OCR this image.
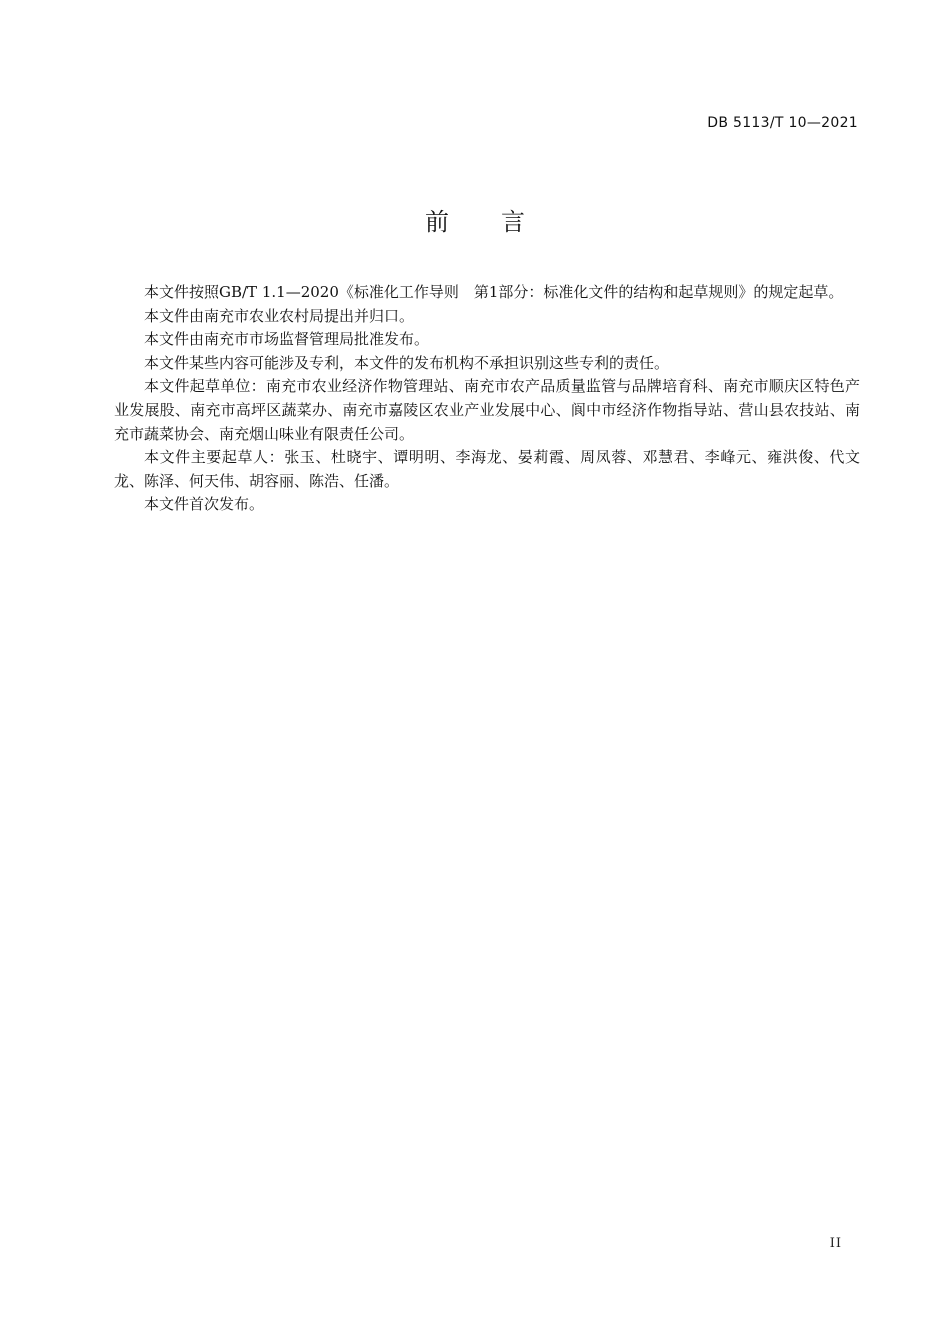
DB 5113/T 10—2021
前言

本文件按照GB/T 1.1—2020《标准化工作导则　第1部分：标准化文件的结构和起草规则》的规定起草。

本文件由南充市农业农村局提出并归口。

本文件由南充市市场监督管理局批准发布。

本文件某些内容可能涉及专利，本文件的发布机构不承担识别这些专利的责任。

本文件起草单位：南充市农业经济作物管理站、南充市农产品质量监管与品牌培育科、南充市顺庆区特色产业发展股、南充市高坪区蔬菜办、南充市嘉陵区农业产业发展中心、阆中市经济作物指导站、营山县农技站、南充市蔬菜协会、南充烟山味业有限责任公司。

本文件主要起草人：张玉、杜晓宇、谭明明、李海龙、晏莉霞、周凤蓉、邓慧君、李峰元、雍洪俊、代文龙、陈泽、何天伟、胡容丽、陈浩、任潘。

本文件首次发布。

II
